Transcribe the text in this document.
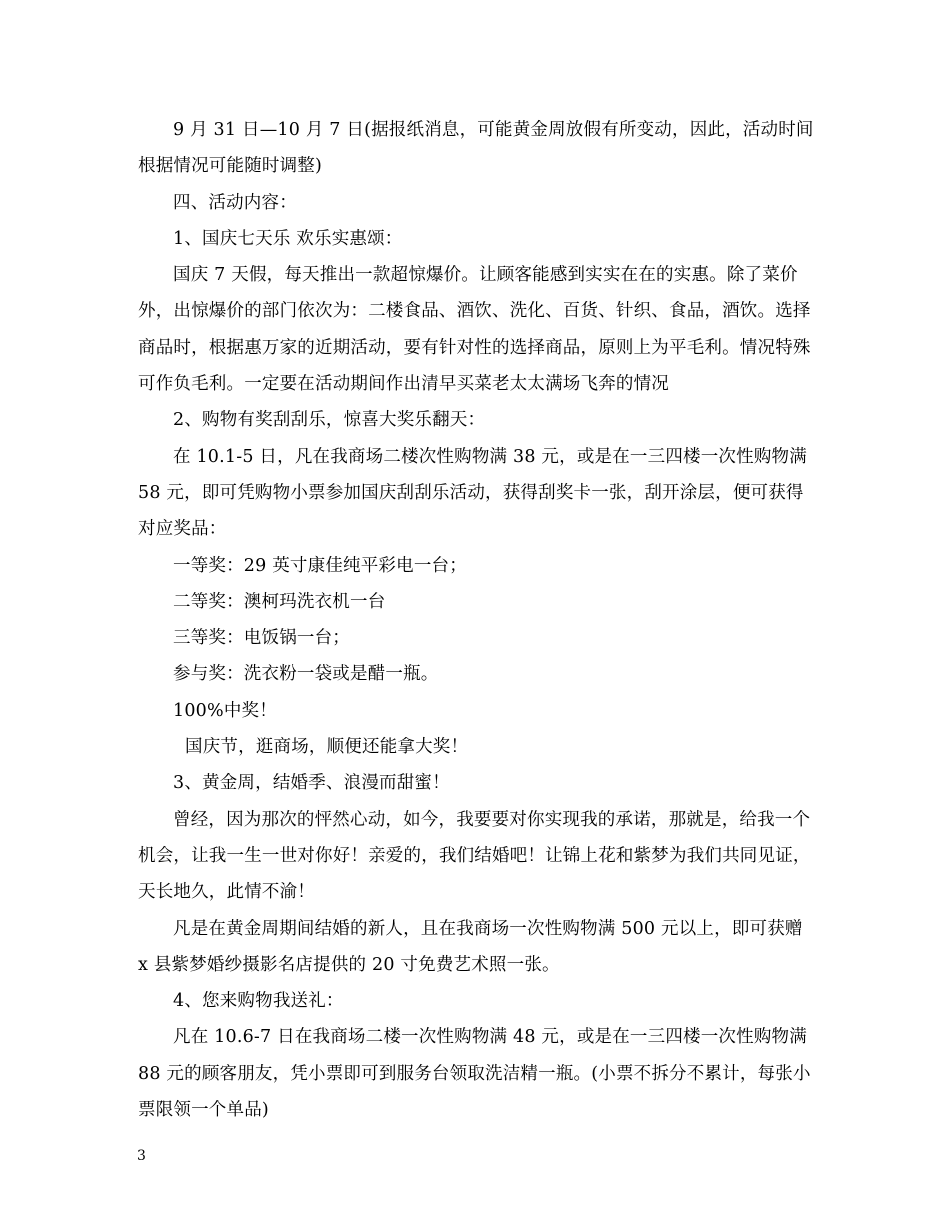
9 月 31 日—10 月 7 日(据报纸消息，可能黄金周放假有所变动，因此，活动时间根据情况可能随时调整)

四、活动内容：

1、国庆七天乐 欢乐实惠颂：

国庆 7 天假，每天推出一款超惊爆价。让顾客能感到实实在在的实惠。除了菜价外，出惊爆价的部门依次为：二楼食品、酒饮、洗化、百货、针织、食品，酒饮。选择商品时，根据惠万家的近期活动，要有针对性的选择商品，原则上为平毛利。情况特殊可作负毛利。一定要在活动期间作出清早买菜老太太满场飞奔的情况

2、购物有奖刮刮乐，惊喜大奖乐翻天：

在 10.1-5 日，凡在我商场二楼次性购物满 38 元，或是在一三四楼一次性购物满 58 元，即可凭购物小票参加国庆刮刮乐活动，获得刮奖卡一张，刮开涂层，便可获得对应奖品：

一等奖：29 英寸康佳纯平彩电一台；

二等奖：澳柯玛洗衣机一台

三等奖：电饭锅一台；

参与奖：洗衣粉一袋或是醋一瓶。

100%中奖！

国庆节，逛商场，顺便还能拿大奖！

3、黄金周，结婚季、浪漫而甜蜜！

曾经，因为那次的怦然心动，如今，我要要对你实现我的承诺，那就是，给我一个机会，让我一生一世对你好！亲爱的，我们结婚吧！让锦上花和紫梦为我们共同见证，天长地久，此情不渝！

凡是在黄金周期间结婚的新人，且在我商场一次性购物满 500 元以上，即可获赠 x 县紫梦婚纱摄影名店提供的 20 寸免费艺术照一张。

4、您来购物我送礼：

凡在 10.6-7 日在我商场二楼一次性购物满 48 元，或是在一三四楼一次性购物满 88 元的顾客朋友，凭小票即可到服务台领取洗洁精一瓶。(小票不拆分不累计，每张小票限领一个单品)

3
